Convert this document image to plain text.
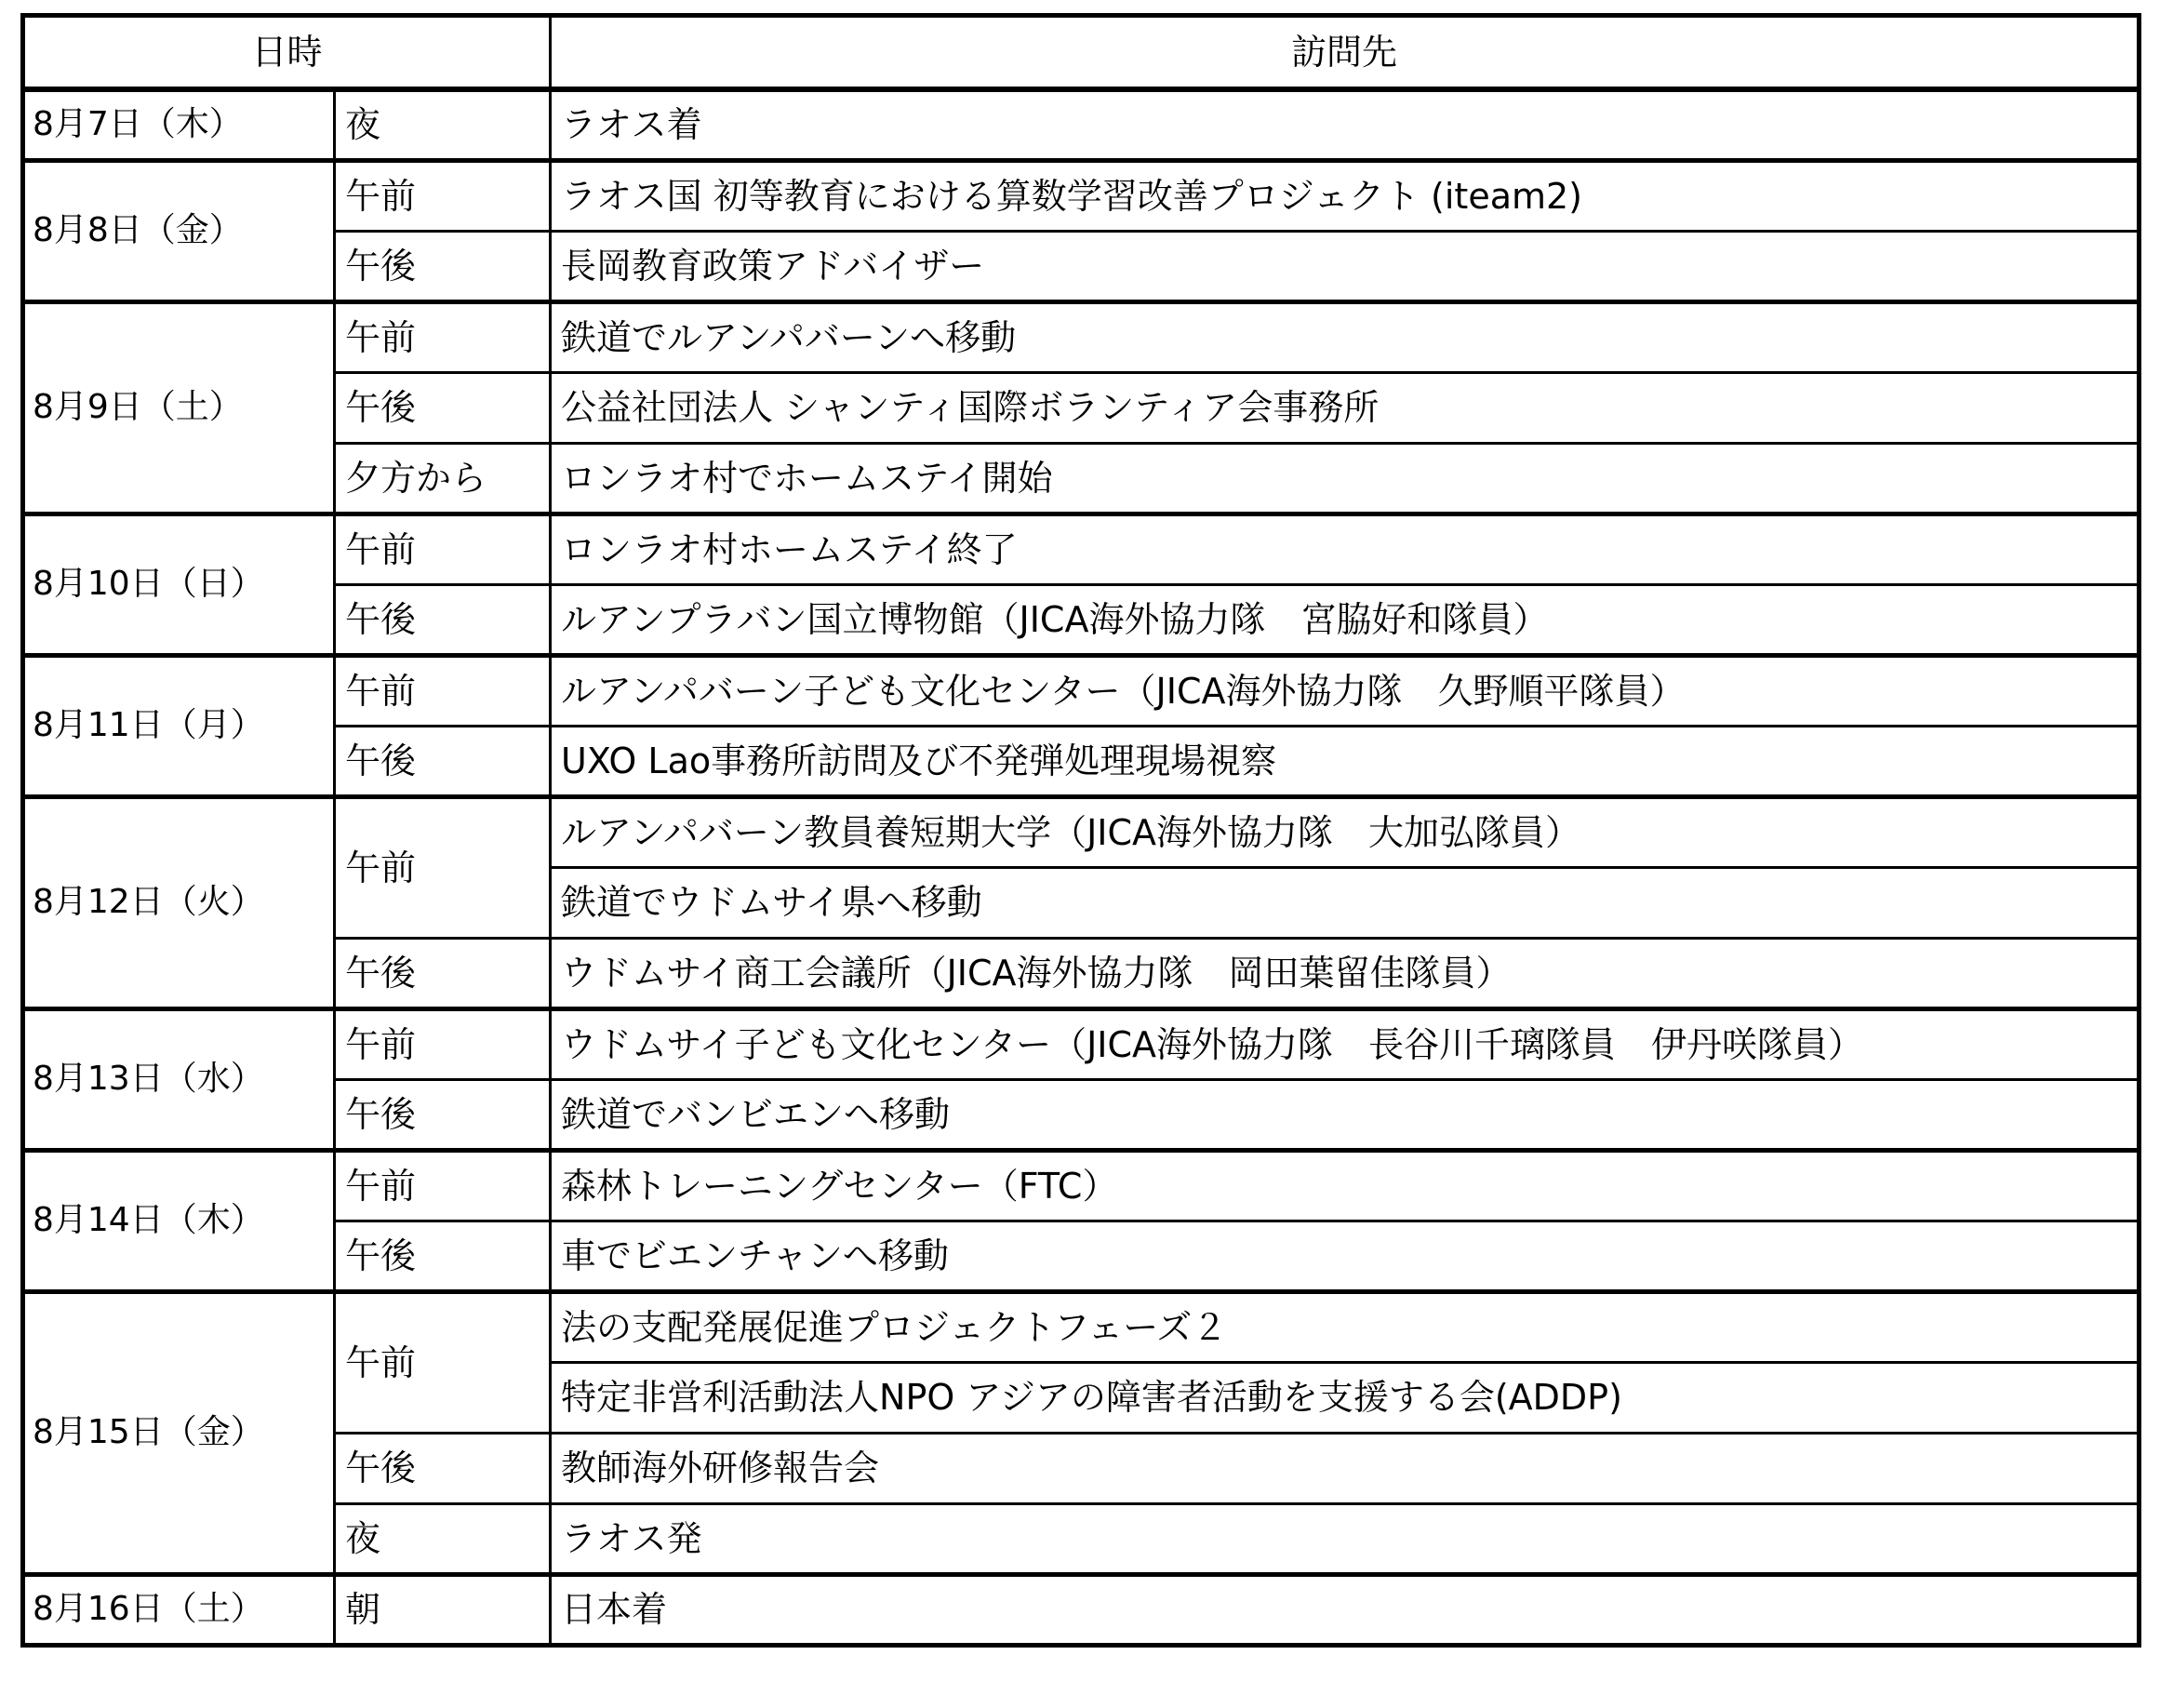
日時		訪問先
8月7日（木）	夜	ラオス着
8月8日（金）	午前	ラオス国 初等教育における算数学習改善プロジェクト (iteam2)
	午後	長岡教育政策アドバイザー
8月9日（土）	午前	鉄道でルアンパバーンへ移動
	午後	公益社団法人 シャンティ国際ボランティア会事務所
	夕方から	ロンラオ村でホームステイ開始
8月10日（日）	午前	ロンラオ村ホームステイ終了
	午後	ルアンプラバン国立博物館（JICA海外協力隊　宮脇好和隊員）
8月11日（月）	午前	ルアンパバーン子ども文化センター（JICA海外協力隊　久野順平隊員）
	午後	UXO Lao事務所訪問及び不発弾処理現場視察
8月12日（火）	午前	ルアンパバーン教員養短期大学（JICA海外協力隊　大加弘隊員）
		鉄道でウドムサイ県へ移動
	午後	ウドムサイ商工会議所（JICA海外協力隊　岡田葉留佳隊員）
8月13日（水）	午前	ウドムサイ子ども文化センター（JICA海外協力隊　長谷川千璃隊員　伊丹咲隊員）
	午後	鉄道でバンビエンへ移動
8月14日（木）	午前	森林トレーニングセンター（FTC）
	午後	車でビエンチャンへ移動
8月15日（金）	午前	法の支配発展促進プロジェクトフェーズ２
		特定非営利活動法人NPO アジアの障害者活動を支援する会(ADDP)
	午後	教師海外研修報告会
	夜	ラオス発
8月16日（土）	朝	日本着
